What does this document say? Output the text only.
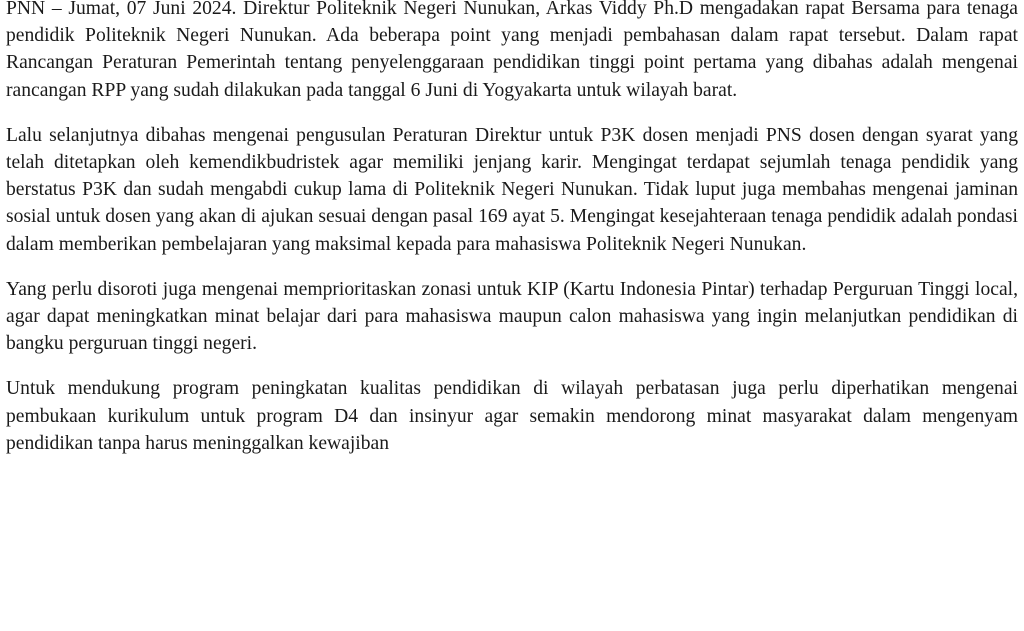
PNN – Jumat, 07 Juni 2024. Direktur Politeknik Negeri Nunukan, Arkas Viddy Ph.D mengadakan rapat Bersama para tenaga pendidik Politeknik Negeri Nunukan. Ada beberapa point yang menjadi pembahasan dalam rapat tersebut. Dalam rapat Rancangan Peraturan Pemerintah tentang penyelenggaraan pendidikan tinggi point pertama yang dibahas adalah mengenai rancangan RPP yang sudah dilakukan pada tanggal 6 Juni di Yogyakarta untuk wilayah barat.

Lalu selanjutnya dibahas mengenai pengusulan Peraturan Direktur untuk P3K dosen menjadi PNS dosen dengan syarat yang telah ditetapkan oleh kemendikbudristek agar memiliki jenjang karir. Mengingat terdapat sejumlah tenaga pendidik yang berstatus P3K dan sudah mengabdi cukup lama di Politeknik Negeri Nunukan. Tidak luput juga membahas mengenai jaminan sosial untuk dosen yang akan di ajukan sesuai dengan pasal 169 ayat 5. Mengingat kesejahteraan tenaga pendidik adalah pondasi dalam memberikan pembelajaran yang maksimal kepada para mahasiswa Politeknik Negeri Nunukan.

Yang perlu disoroti juga mengenai memprioritaskan zonasi untuk KIP (Kartu Indonesia Pintar) terhadap Perguruan Tinggi local, agar dapat meningkatkan minat belajar dari para mahasiswa maupun calon mahasiswa yang ingin melanjutkan pendidikan di bangku perguruan tinggi negeri.

Untuk mendukung program peningkatan kualitas pendidikan di wilayah perbatasan juga perlu diperhatikan mengenai pembukaan kurikulum untuk program D4 dan insinyur agar semakin mendorong minat masyarakat dalam mengenyam pendidikan tanpa harus meninggalkan kewajiban
